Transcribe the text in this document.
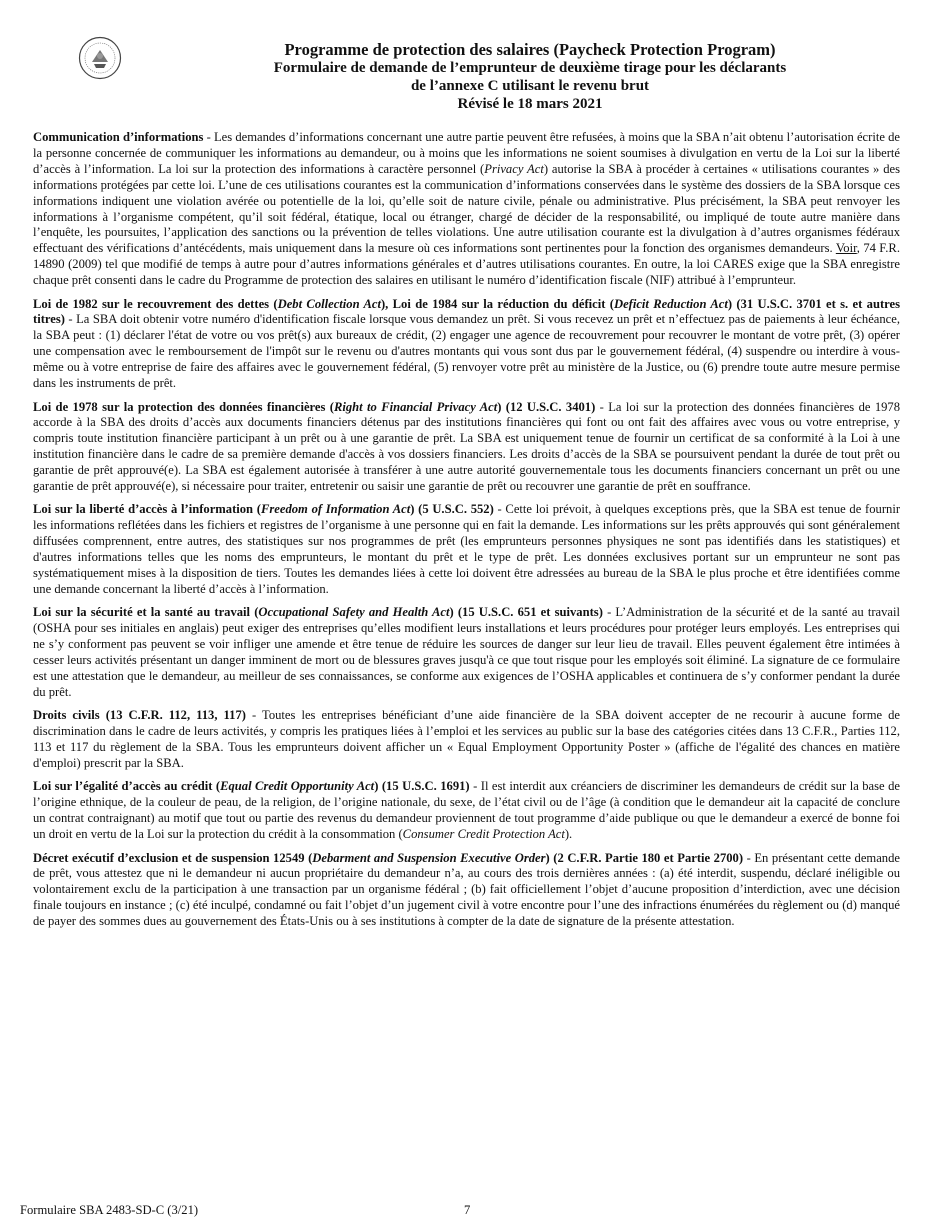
Programme de protection des salaires (Paycheck Protection Program)
Formulaire de demande de l’emprunteur de deuxième tirage pour les déclarants
de l’annexe C utilisant le revenu brut
Révisé le 18 mars 2021

Communication d’informations - Les demandes d’informations concernant une autre partie peuvent être refusées, à moins que la SBA n’ait obtenu l’autorisation écrite de la personne concernée de communiquer les informations au demandeur, ou à moins que les informations ne soient soumises à divulgation en vertu de la Loi sur la liberté d’accès à l’information. La loi sur la protection des informations à caractère personnel (Privacy Act) autorise la SBA à procéder à certaines « utilisations courantes » des informations protégées par cette loi. L’une de ces utilisations courantes est la communication d’informations conservées dans le système des dossiers de la SBA lorsque ces informations indiquent une violation avérée ou potentielle de la loi, qu’elle soit de nature civile, pénale ou administrative. Plus précisément, la SBA peut renvoyer les informations à l’organisme compétent, qu’il soit fédéral, étatique, local ou étranger, chargé de décider de la responsabilité, ou impliqué de toute autre manière dans l’enquête, les poursuites, l’application des sanctions ou la prévention de telles violations. Une autre utilisation courante est la divulgation à d’autres organismes fédéraux effectuant des vérifications d’antécédents, mais uniquement dans la mesure où ces informations sont pertinentes pour la fonction des organismes demandeurs. Voir, 74 F.R. 14890 (2009) tel que modifié de temps à autre pour d’autres informations générales et d’autres utilisations courantes. En outre, la loi CARES exige que la SBA enregistre chaque prêt consenti dans le cadre du Programme de protection des salaires en utilisant le numéro d’identification fiscale (NIF) attribué à l’emprunteur.

Loi de 1982 sur le recouvrement des dettes (Debt Collection Act), Loi de 1984 sur la réduction du déficit (Deficit Reduction Act) (31 U.S.C. 3701 et s. et autres titres) - La SBA doit obtenir votre numéro d'identification fiscale lorsque vous demandez un prêt. Si vous recevez un prêt et n’effectuez pas de paiements à leur échéance, la SBA peut : (1) déclarer l'état de votre ou vos prêt(s) aux bureaux de crédit, (2) engager une agence de recouvrement pour recouvrer le montant de votre prêt, (3) opérer une compensation avec le remboursement de l'impôt sur le revenu ou d'autres montants qui vous sont dus par le gouvernement fédéral, (4) suspendre ou interdire à vous-même ou à votre entreprise de faire des affaires avec le gouvernement fédéral, (5) renvoyer votre prêt au ministère de la Justice, ou (6) prendre toute autre mesure permise dans les instruments de prêt.

Loi de 1978 sur la protection des données financières (Right to Financial Privacy Act) (12 U.S.C. 3401) - La loi sur la protection des données financières de 1978 accorde à la SBA des droits d’accès aux documents financiers détenus par des institutions financières qui font ou ont fait des affaires avec vous ou votre entreprise, y compris toute institution financière participant à un prêt ou à une garantie de prêt. La SBA est uniquement tenue de fournir un certificat de sa conformité à la Loi à une institution financière dans le cadre de sa première demande d'accès à vos dossiers financiers. Les droits d’accès de la SBA se poursuivent pendant la durée de tout prêt ou garantie de prêt approuvé(e). La SBA est également autorisée à transférer à une autre autorité gouvernementale tous les documents financiers concernant un prêt ou une garantie de prêt approuvé(e), si nécessaire pour traiter, entretenir ou saisir une garantie de prêt ou recouvrer une garantie de prêt en souffrance.

Loi sur la liberté d’accès à l’information (Freedom of Information Act) (5 U.S.C. 552) - Cette loi prévoit, à quelques exceptions près, que la SBA est tenue de fournir les informations reflétées dans les fichiers et registres de l’organisme à une personne qui en fait la demande. Les informations sur les prêts approuvés qui sont généralement diffusées comprennent, entre autres, des statistiques sur nos programmes de prêt (les emprunteurs personnes physiques ne sont pas identifiés dans les statistiques) et d'autres informations telles que les noms des emprunteurs, le montant du prêt et le type de prêt. Les données exclusives portant sur un emprunteur ne sont pas systématiquement mises à la disposition de tiers. Toutes les demandes liées à cette loi doivent être adressées au bureau de la SBA le plus proche et être identifiées comme une demande concernant la liberté d’accès à l’information.

Loi sur la sécurité et la santé au travail (Occupational Safety and Health Act) (15 U.S.C. 651 et suivants) - L’Administration de la sécurité et de la santé au travail (OSHA pour ses initiales en anglais) peut exiger des entreprises qu’elles modifient leurs installations et leurs procédures pour protéger leurs employés. Les entreprises qui ne s’y conforment pas peuvent se voir infliger une amende et être tenue de réduire les sources de danger sur leur lieu de travail. Elles peuvent également être intimées à cesser leurs activités présentant un danger imminent de mort ou de blessures graves jusqu'à ce que tout risque pour les employés soit éliminé. La signature de ce formulaire est une attestation que le demandeur, au meilleur de ses connaissances, se conforme aux exigences de l’OSHA applicables et continuera de s’y conformer pendant la durée du prêt.

Droits civils (13 C.F.R. 112, 113, 117) - Toutes les entreprises bénéficiant d’une aide financière de la SBA doivent accepter de ne recourir à aucune forme de discrimination dans le cadre de leurs activités, y compris les pratiques liées à l’emploi et les services au public sur la base des catégories citées dans 13 C.F.R., Parties 112, 113 et 117 du règlement de la SBA. Tous les emprunteurs doivent afficher un « Equal Employment Opportunity Poster » (affiche de l'égalité des chances en matière d'emploi) prescrit par la SBA.

Loi sur l’égalité d’accès au crédit (Equal Credit Opportunity Act) (15 U.S.C. 1691) - Il est interdit aux créanciers de discriminer les demandeurs de crédit sur la base de l’origine ethnique, de la couleur de peau, de la religion, de l’origine nationale, du sexe, de l’état civil ou de l’âge (à condition que le demandeur ait la capacité de conclure un contrat contraignant) au motif que tout ou partie des revenus du demandeur proviennent de tout programme d’aide publique ou que le demandeur a exercé de bonne foi un droit en vertu de la Loi sur la protection du crédit à la consommation (Consumer Credit Protection Act).

Décret exécutif d’exclusion et de suspension 12549 (Debarment and Suspension Executive Order) (2 C.F.R. Partie 180 et Partie 2700) - En présentant cette demande de prêt, vous attestez que ni le demandeur ni aucun propriétaire du demandeur n’a, au cours des trois dernières années : (a) été interdit, suspendu, déclaré inéligible ou volontairement exclu de la participation à une transaction par un organisme fédéral ; (b) fait officiellement l’objet d’aucune proposition d’interdiction, avec une décision finale toujours en instance ; (c) été inculpé, condamné ou fait l’objet d’un jugement civil à votre encontre pour l’une des infractions énumérées du règlement ou (d) manqué de payer des sommes dues au gouvernement des États-Unis ou à ses institutions à compter de la date de signature de la présente attestation.

Formulaire SBA 2483-SD-C (3/21)	7
